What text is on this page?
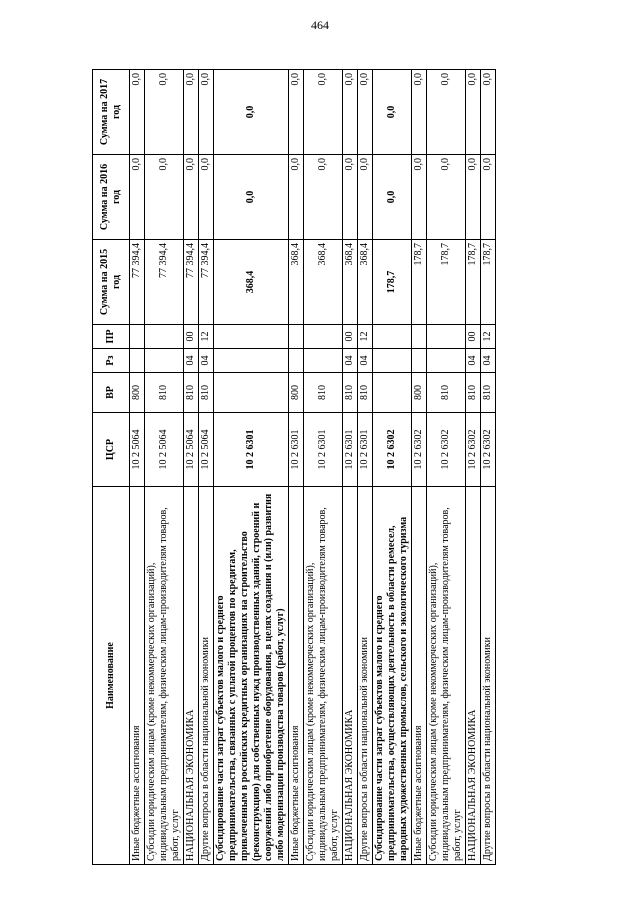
464
Наименование	ЦСР	ВР	Рз	ПР	Сумма на 2015 год	Сумма на 2016 год	Сумма на 2017 год
Иные бюджетные ассигнования	10 2 5064	800			77 394,4	0,0	0,0
Субсидии юридическим лицам (кроме некоммерческих организаций), индивидуальным предпринимателям, физическим лицам-производителям товаров, работ, услуг	10 2 5064	810			77 394,4	0,0	0,0
НАЦИОНАЛЬНАЯ ЭКОНОМИКА	10 2 5064	810	04	00	77 394,4	0,0	0,0
Другие вопросы в области национальной экономики	10 2 5064	810	04	12	77 394,4	0,0	0,0
Субсидирование части затрат субъектов малого и среднего предпринимательства, связанных с уплатой процентов по кредитам, привлеченным в российских кредитных организациях на строительство (реконструкцию) для собственных нужд производственных зданий, строений и сооружений либо приобретение оборудования, в целях создания и (или) развития либо модернизации производства товаров (работ, услуг)	10 2 6301				368,4	0,0	0,0
Иные бюджетные ассигнования	10 2 6301	800			368,4	0,0	0,0
Субсидии юридическим лицам (кроме некоммерческих организаций), индивидуальным предпринимателям, физическим лицам-производителям товаров, работ, услуг	10 2 6301	810			368,4	0,0	0,0
НАЦИОНАЛЬНАЯ ЭКОНОМИКА	10 2 6301	810	04	00	368,4	0,0	0,0
Другие вопросы в области национальной экономики	10 2 6301	810	04	12	368,4	0,0	0,0
Субсидирование части затрат субъектов малого и среднего предпринимательства, осуществляющих деятельность в области ремесел, народных художественных промыслов, сельского и экологического туризма	10 2 6302				178,7	0,0	0,0
Иные бюджетные ассигнования	10 2 6302	800			178,7	0,0	0,0
Субсидии юридическим лицам (кроме некоммерческих организаций), индивидуальным предпринимателям, физическим лицам-производителям товаров, работ, услуг	10 2 6302	810			178,7	0,0	0,0
НАЦИОНАЛЬНАЯ ЭКОНОМИКА	10 2 6302	810	04	00	178,7	0,0	0,0
Другие вопросы в области национальной экономики	10 2 6302	810	04	12	178,7	0,0	0,0
